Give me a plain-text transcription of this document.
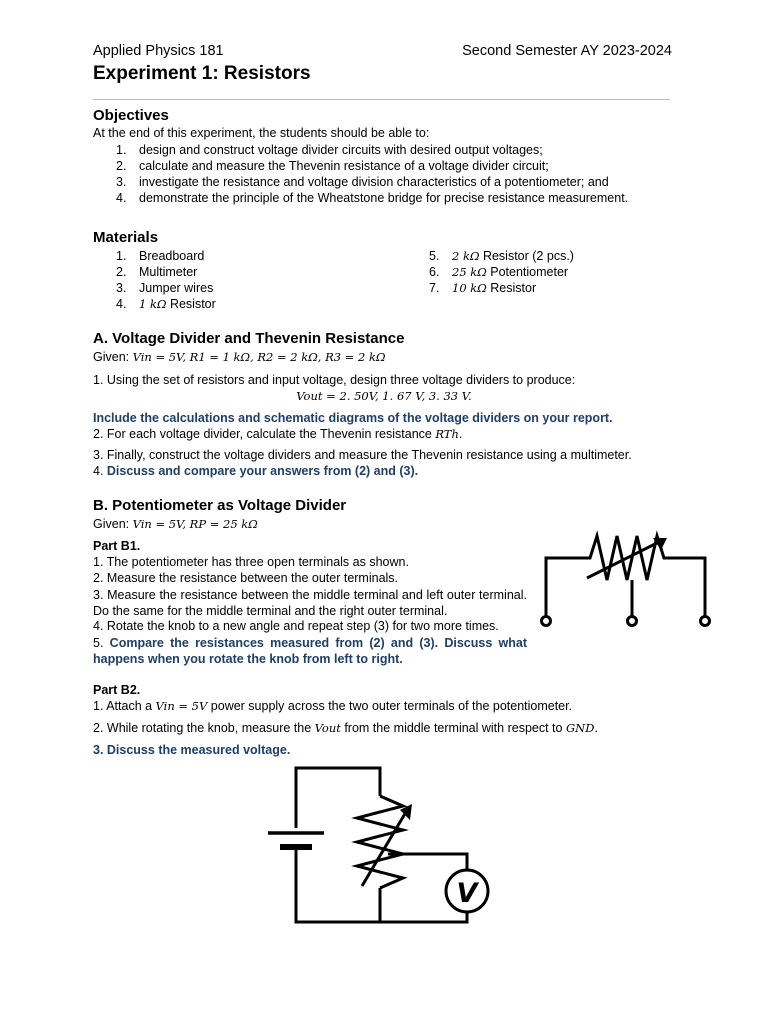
Applied Physics 181	Second Semester AY 2023-2024
Experiment 1: Resistors
Objectives
At the end of this experiment, the students should be able to:
1. design and construct voltage divider circuits with desired output voltages;
2. calculate and measure the Thevenin resistance of a voltage divider circuit;
3. investigate the resistance and voltage division characteristics of a potentiometer; and
4. demonstrate the principle of the Wheatstone bridge for precise resistance measurement.
Materials
1. Breadboard
2. Multimeter
3. Jumper wires
4. 1 kΩ Resistor
5. 2 kΩ Resistor (2 pcs.)
6. 25 kΩ Potentiometer
7. 10 kΩ Resistor
A. Voltage Divider and Thevenin Resistance
Given: Vin = 5V, R1 = 1 kΩ, R2 = 2 kΩ, R3 = 2 kΩ
1. Using the set of resistors and input voltage, design three voltage dividers to produce:
Vout = 2. 50V, 1. 67 V, 3. 33 V.
Include the calculations and schematic diagrams of the voltage dividers on your report.
2. For each voltage divider, calculate the Thevenin resistance RTh.
3. Finally, construct the voltage dividers and measure the Thevenin resistance using a multimeter.
4. Discuss and compare your answers from (2) and (3).
B. Potentiometer as Voltage Divider
Given: Vin = 5V, RP = 25 kΩ
Part B1.
1. The potentiometer has three open terminals as shown.
2. Measure the resistance between the outer terminals.
3. Measure the resistance between the middle terminal and left outer terminal. Do the same for the middle terminal and the right outer terminal.
4. Rotate the knob to a new angle and repeat step (3) for two more times.
5. Compare the resistances measured from (2) and (3). Discuss what happens when you rotate the knob from left to right.
Part B2.
1. Attach a Vin = 5V power supply across the two outer terminals of the potentiometer.
2. While rotating the knob, measure the Vout from the middle terminal with respect to GND.
3. Discuss the measured voltage.
V
